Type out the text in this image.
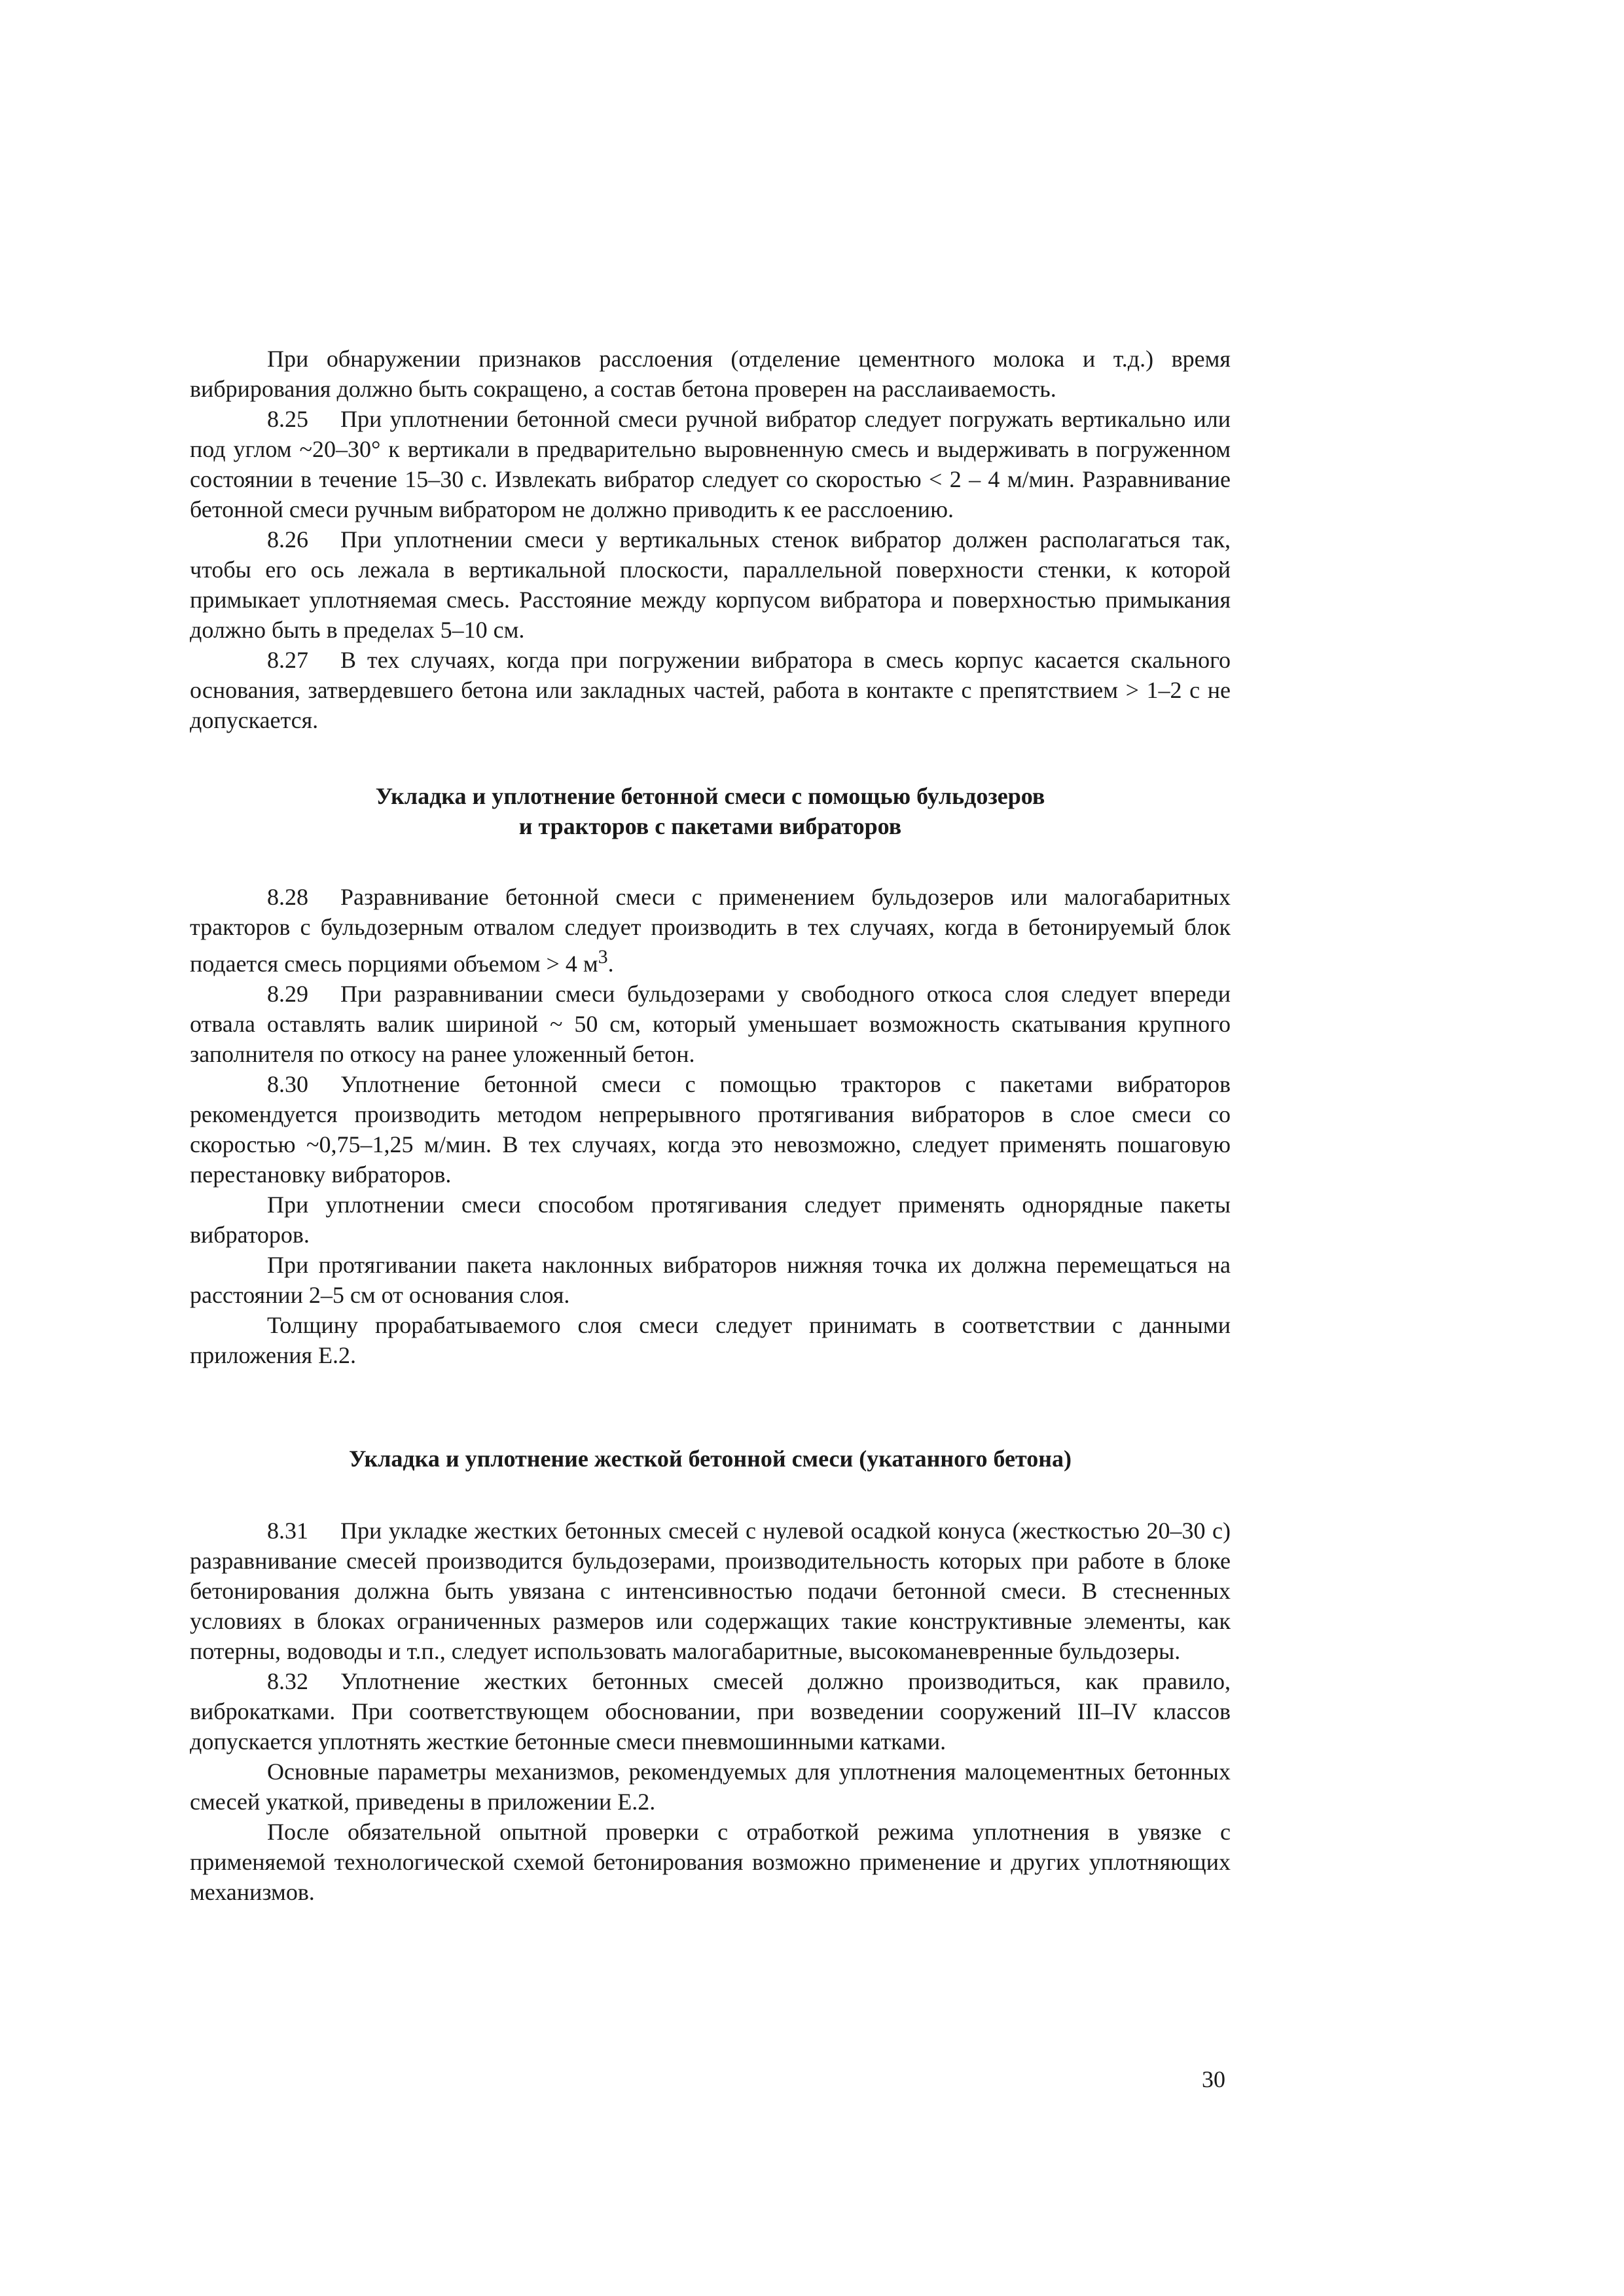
При обнаружении признаков расслоения (отделение цементного молока и т.д.) время вибрирования должно быть сокращено, а состав бетона проверен на расслаиваемость.

8.25 При уплотнении бетонной смеси ручной вибратор следует погружать вертикально или под углом ~20–30° к вертикали в предварительно выровненную смесь и выдерживать в погруженном состоянии в течение 15–30 с. Извлекать вибратор следует со скоростью < 2 – 4 м/мин. Разравнивание бетонной смеси ручным вибратором не должно приводить к ее расслоению.

8.26 При уплотнении смеси у вертикальных стенок вибратор должен располагаться так, чтобы его ось лежала в вертикальной плоскости, параллельной поверхности стенки, к которой примыкает уплотняемая смесь. Расстояние между корпусом вибратора и поверхностью примыкания должно быть в пределах 5–10 см.

8.27 В тех случаях, когда при погружении вибратора в смесь корпус касается скального основания, затвердевшего бетона или закладных частей, работа в контакте с препятствием > 1–2 с не допускается.

Укладка и уплотнение бетонной смеси с помощью бульдозеров
и тракторов с пакетами вибраторов

8.28 Разравнивание бетонной смеси с применением бульдозеров или малогабаритных тракторов с бульдозерным отвалом следует производить в тех случаях, когда в бетонируемый блок подается смесь порциями объемом > 4 $м^3$.

8.29 При разравнивании смеси бульдозерами у свободного откоса слоя следует впереди отвала оставлять валик шириной ~ 50 см, который уменьшает возможность скатывания крупного заполнителя по откосу на ранее уложенный бетон.

8.30 Уплотнение бетонной смеси с помощью тракторов с пакетами вибраторов рекомендуется производить методом непрерывного протягивания вибраторов в слое смеси со скоростью ~0,75–1,25 м/мин. В тех случаях, когда это невозможно, следует применять пошаговую перестановку вибраторов.

При уплотнении смеси способом протягивания следует применять однорядные пакеты вибраторов.

При протягивании пакета наклонных вибраторов нижняя точка их должна перемещаться на расстоянии 2–5 см от основания слоя.

Толщину прорабатываемого слоя смеси следует принимать в соответствии с данными приложения Е.2.

Укладка и уплотнение жесткой бетонной смеси (укатанного бетона)

8.31 При укладке жестких бетонных смесей с нулевой осадкой конуса (жесткостью 20–30 с) разравнивание смесей производится бульдозерами, производительность которых при работе в блоке бетонирования должна быть увязана с интенсивностью подачи бетонной смеси. В стесненных условиях в блоках ограниченных размеров или содержащих такие конструктивные элементы, как потерны, водоводы и т.п., следует использовать малогабаритные, высокоманевренные бульдозеры.

8.32 Уплотнение жестких бетонных смесей должно производиться, как правило, виброкатками. При соответствующем обосновании, при возведении сооружений III–IV классов допускается уплотнять жесткие бетонные смеси пневмошинными катками.

Основные параметры механизмов, рекомендуемых для уплотнения малоцементных бетонных смесей укаткой, приведены в приложении Е.2.

После обязательной опытной проверки с отработкой режима уплотнения в увязке с применяемой технологической схемой бетонирования возможно применение и других уплотняющих механизмов.

30
